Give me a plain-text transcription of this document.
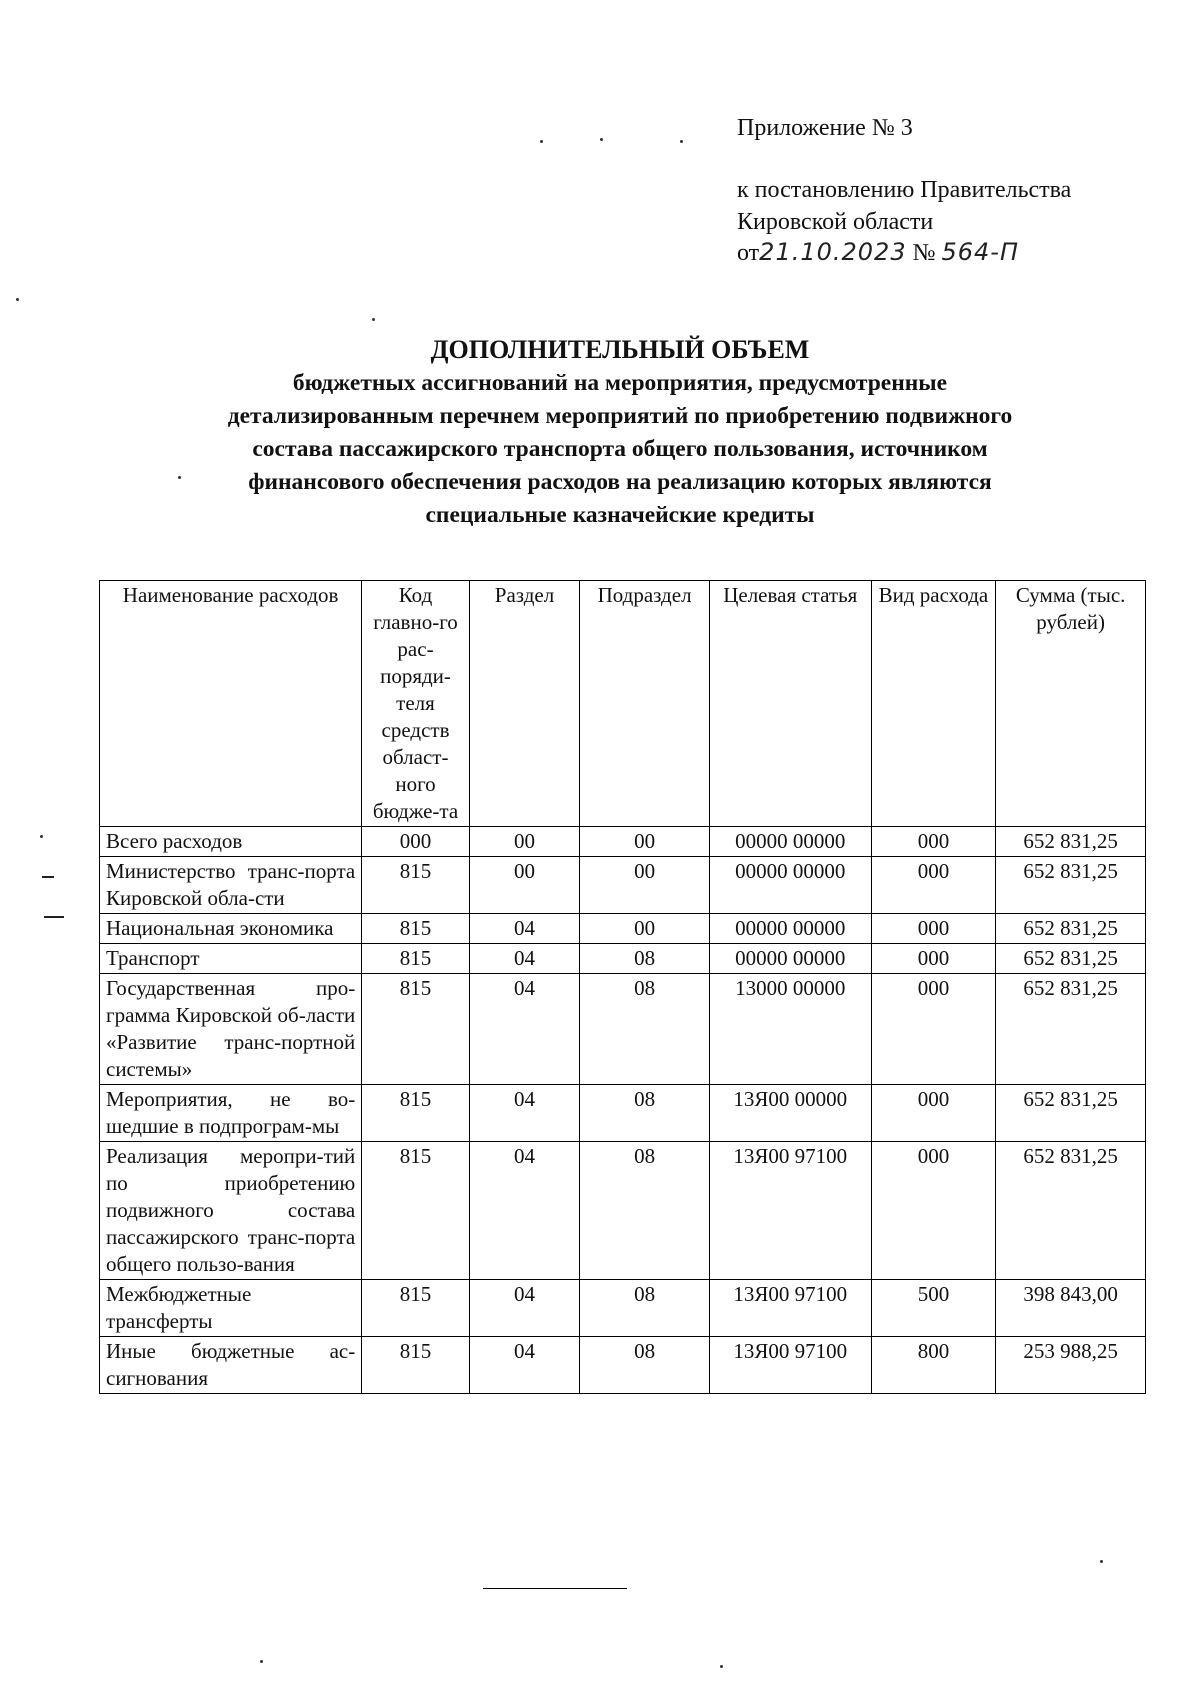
Приложение № 3
к постановлению Правительства
Кировской области
от21.10.2023 № 564-П
ДОПОЛНИТЕЛЬНЫЙ ОБЪЕМ
бюджетных ассигнований на мероприятия, предусмотренные
детализированным перечнем мероприятий по приобретению подвижного
состава пассажирского транспорта общего пользования, источником
финансового обеспечения расходов на реализацию которых являются
специальные казначейские кредиты
Наименование расходов	Код главно-го рас-поряди-теля средств област-ного бюдже-та	Раздел	Подраздел	Целевая статья	Вид расхода	Сумма (тыс. рублей)
Всего расходов	000	00	00	00000 00000	000	652 831,25
Министерство транс-порта Кировской обла-сти	815	00	00	00000 00000	000	652 831,25
Национальная экономика	815	04	00	00000 00000	000	652 831,25
Транспорт	815	04	08	00000 00000	000	652 831,25
Государственная про-грамма Кировской об-ласти «Развитие транс-портной системы»	815	04	08	13000 00000	000	652 831,25
Мероприятия, не во-шедшие в подпрограм-мы	815	04	08	13Я00 00000	000	652 831,25
Реализация меропри-тий по приобретению подвижного состава пассажирского транс-порта общего пользо-вания	815	04	08	13Я00 97100	000	652 831,25
Межбюджетные трансферты	815	04	08	13Я00 97100	500	398 843,00
Иные бюджетные ас-сигнования	815	04	08	13Я00 97100	800	253 988,25
